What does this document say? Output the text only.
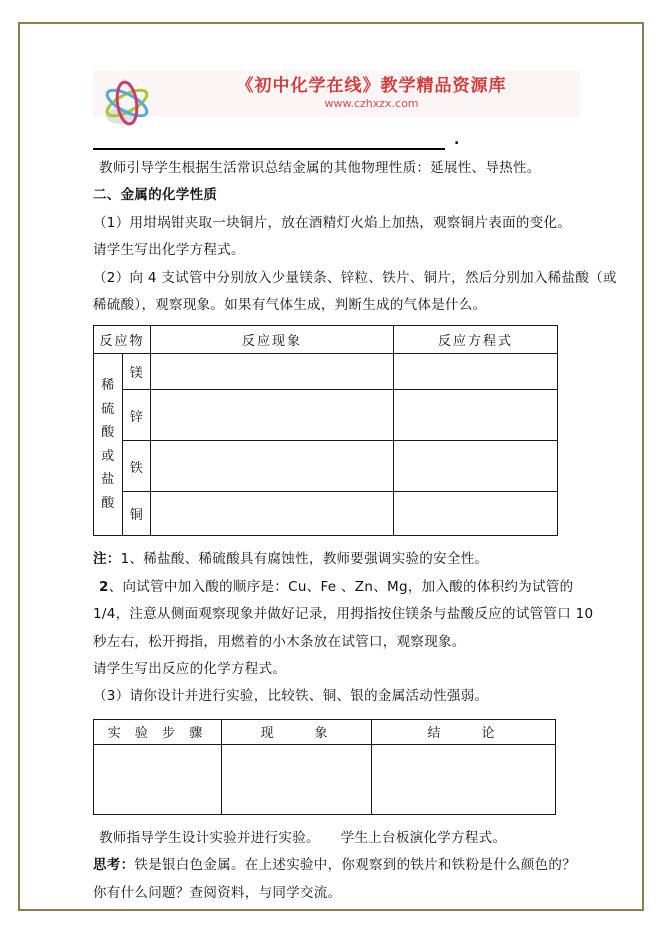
《初中化学在线》教学精品资源库
www.czhxzx.com
.

教师引导学生根据生活常识总结金属的其他物理性质：延展性、导热性。

二、金属的化学性质

（1）用坩埚钳夹取一块铜片，放在酒精灯火焰上加热，观察铜片表面的变化。

请学生写出化学方程式。

（2）向 4 支试管中分别放入少量镁条、锌粒、铁片、铜片，然后分别加入稀盐酸（或

稀硫酸），观察现象。如果有气体生成，判断生成的气体是什么。

反应物		反应现象	反应方程式

稀硫酸或盐酸	镁		
	锌		
	铁		
	铜		

注：1、稀盐酸、稀硫酸具有腐蚀性，教师要强调实验的安全性。

2、向试管中加入酸的顺序是：Cu、Fe 、Zn、Mg，加入酸的体积约为试管的

1/4，注意从侧面观察现象并做好记录，用拇指按住镁条与盐酸反应的试管管口 10

秒左右，松开拇指，用燃着的小木条放在试管口，观察现象。

请学生写出反应的化学方程式。

（3）请你设计并进行实验，比较铁、铜、银的金属活动性强弱。

实 验 步 骤	现　　象	结　　论

教师指导学生设计实验并进行实验。　　学生上台板演化学方程式。

思考：铁是银白色金属。在上述实验中，你观察到的铁片和铁粉是什么颜色的？

你有什么问题？查阅资料，与同学交流。
